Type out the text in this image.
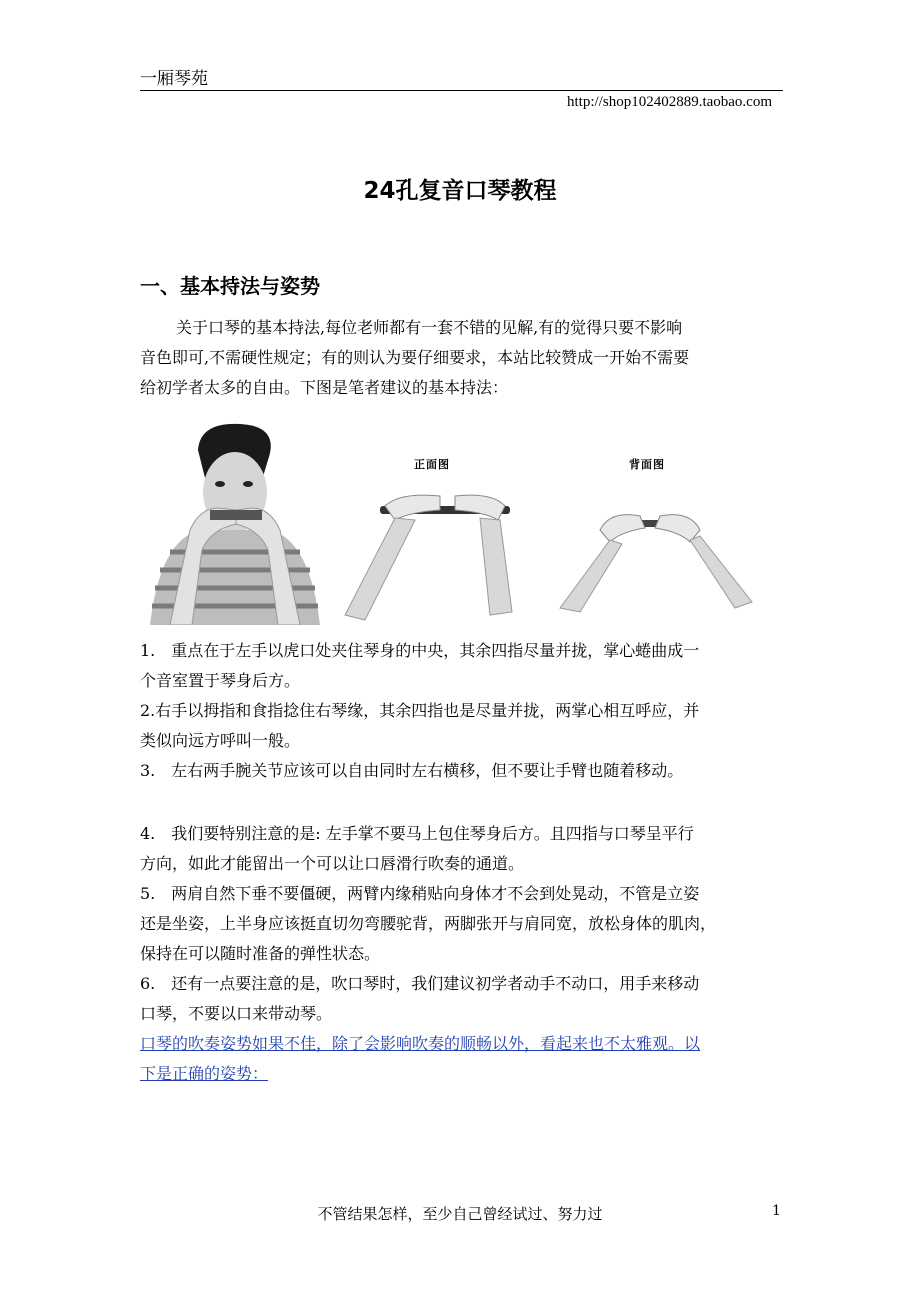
一厢琴苑
http://shop102402889.taobao.com
24孔复音口琴教程
一、基本持法与姿势
关于口琴的基本持法,每位老师都有一套不错的见解,有的觉得只要不影响
音色即可,不需硬性规定；有的则认为要仔细要求，本站比较赞成一开始不需要
给初学者太多的自由。下图是笔者建议的基本持法：
正面图	背面图
1.　重点在于左手以虎口处夹住琴身的中央，其余四指尽量并拢，掌心蜷曲成一
个音室置于琴身后方。
2.右手以拇指和食指捻住右琴缘，其余四指也是尽量并拢，两掌心相互呼应，并
类似向远方呼叫一般。
3.　左右两手腕关节应该可以自由同时左右横移，但不要让手臂也随着移动。
4.　我们要特别注意的是: 左手掌不要马上包住琴身后方。且四指与口琴呈平行
方向，如此才能留出一个可以让口唇滑行吹奏的通道。
5.　两肩自然下垂不要僵硬，两臂内缘稍贴向身体才不会到处晃动，不管是立姿
还是坐姿，上半身应该挺直切勿弯腰驼背，两脚张开与肩同宽，放松身体的肌肉，
保持在可以随时准备的弹性状态。
6.　还有一点要注意的是，吹口琴时，我们建议初学者动手不动口，用手来移动
口琴，不要以口来带动琴。
口琴的吹奏姿势如果不佳，除了会影响吹奏的顺畅以外，看起来也不太雅观。以
下是正确的姿势：
不管结果怎样，至少自己曾经试过、努力过	1
